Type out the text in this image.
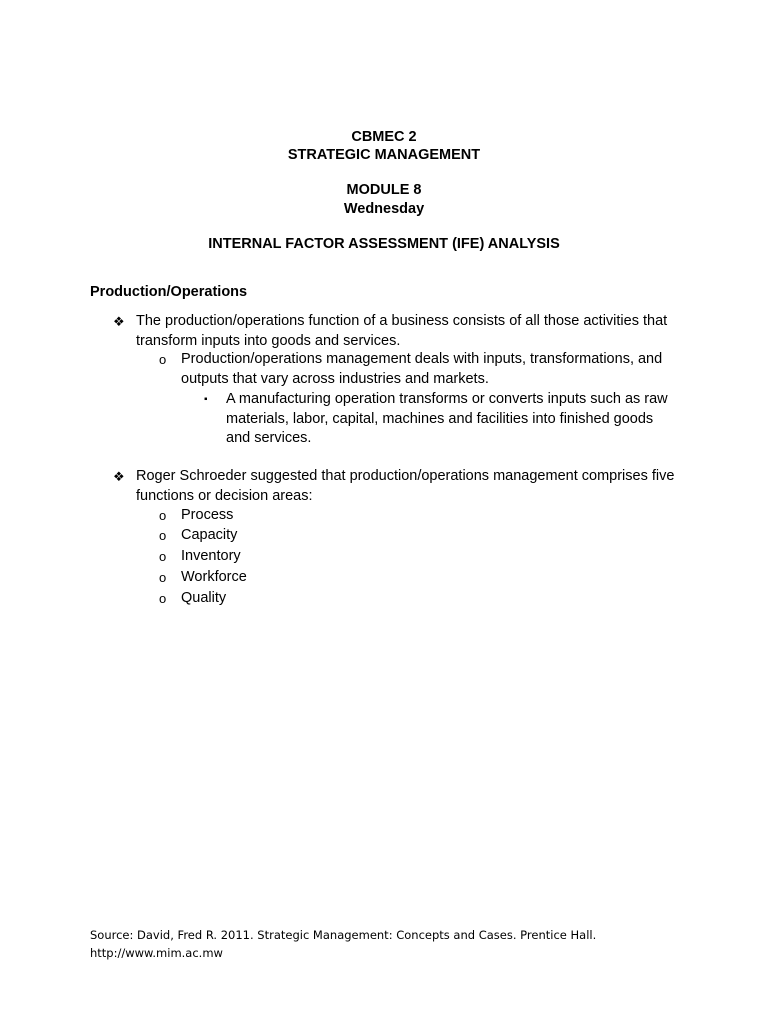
CBMEC 2
STRATEGIC MANAGEMENT
MODULE 8
Wednesday
INTERNAL FACTOR ASSESSMENT (IFE) ANALYSIS
Production/Operations
❖ The production/operations function of a business consists of all those activities that transform inputs into goods and services.
o Production/operations management deals with inputs, transformations, and outputs that vary across industries and markets.
▪ A manufacturing operation transforms or converts inputs such as raw materials, labor, capital, machines and facilities into finished goods and services.
❖ Roger Schroeder suggested that production/operations management comprises five functions or decision areas:
o Process
o Capacity
o Inventory
o Workforce
o Quality
Source: David, Fred R. 2011. Strategic Management: Concepts and Cases. Prentice Hall.
http://www.mim.ac.mw
